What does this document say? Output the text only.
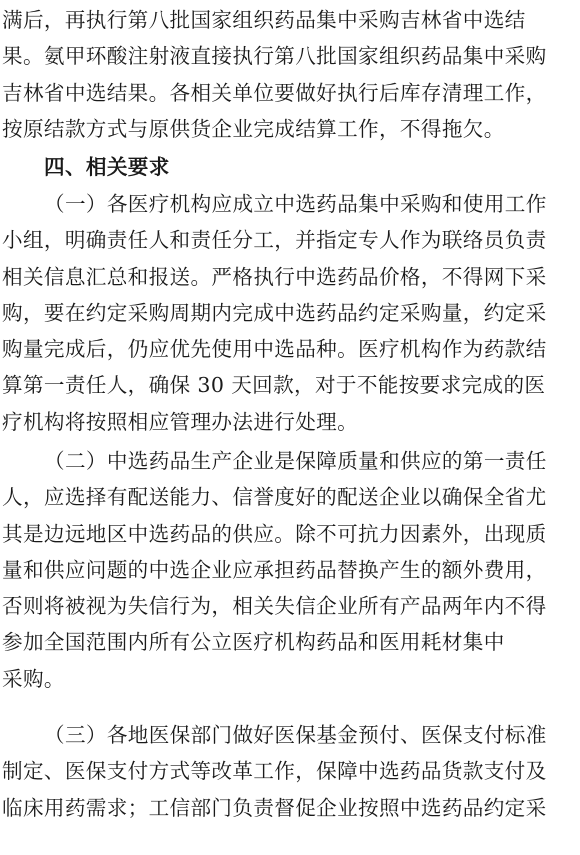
满后，再执行第八批国家组织药品集中采购吉林省中选结
果。氨甲环酸注射液直接执行第八批国家组织药品集中采购
吉林省中选结果。各相关单位要做好执行后库存清理工作，
按原结款方式与原供货企业完成结算工作，不得拖欠。
四、相关要求
（一）各医疗机构应成立中选药品集中采购和使用工作
小组，明确责任人和责任分工，并指定专人作为联络员负责
相关信息汇总和报送。严格执行中选药品价格，不得网下采
购，要在约定采购周期内完成中选药品约定采购量，约定采
购量完成后，仍应优先使用中选品种。医疗机构作为药款结
算第一责任人，确保 30 天回款，对于不能按要求完成的医
疗机构将按照相应管理办法进行处理。
（二）中选药品生产企业是保障质量和供应的第一责任
人，应选择有配送能力、信誉度好的配送企业以确保全省尤
其是边远地区中选药品的供应。除不可抗力因素外，出现质
量和供应问题的中选企业应承担药品替换产生的额外费用，
否则将被视为失信行为，相关失信企业所有产品两年内不得
参加全国范围内所有公立医疗机构药品和医用耗材集中
采购。
（三）各地医保部门做好医保基金预付、医保支付标准
制定、医保支付方式等改革工作，保障中选药品货款支付及
临床用药需求；工信部门负责督促企业按照中选药品约定采
